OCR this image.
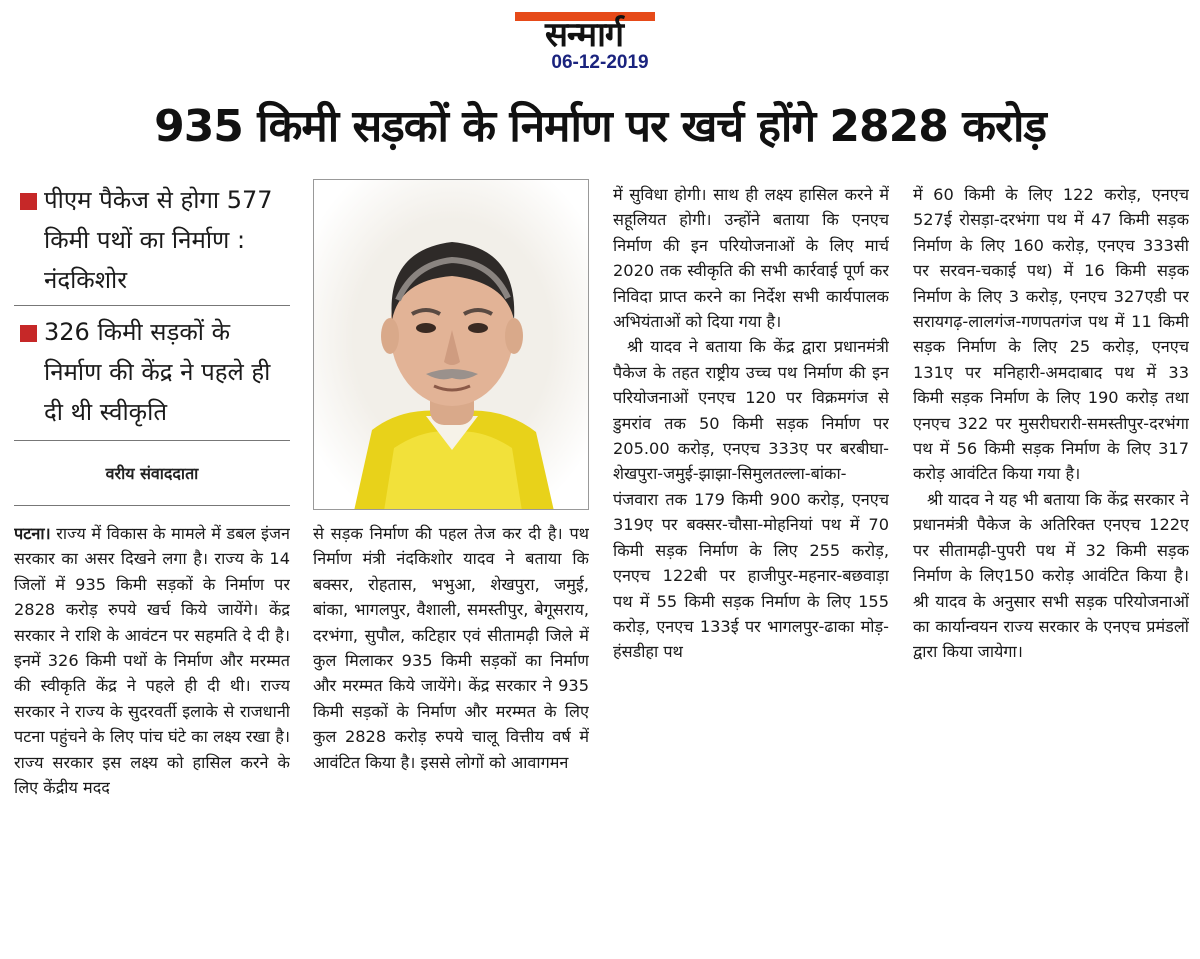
सन्मार्ग
06-12-2019
935 किमी सड़कों के निर्माण पर खर्च होंगे 2828 करोड़
पीएम पैकेज से होगा 577 किमी पथों का निर्माण : नंदकिशोर
326 किमी सड़कों के निर्माण की केंद्र ने पहले ही दी थी स्वीकृति
वरीय संवाददाता

पटना। राज्य में विकास के मामले में डबल इंजन सरकार का असर दिखने लगा है। राज्य के 14 जिलों में 935 किमी सड़कों के निर्माण पर 2828 करोड़ रुपये खर्च किये जायेंगे। केंद्र सरकार ने राशि के आवंटन पर सहमति दे दी है। इनमें 326 किमी पथों के निर्माण और मरम्मत की स्वीकृति केंद्र ने पहले ही दी थी। राज्य सरकार ने राज्य के सुदरवर्ती इलाके से राजधानी पटना पहुंचने के लिए पांच घंटे का लक्ष्य रखा है। राज्य सरकार इस लक्ष्य को हासिल करने के लिए केंद्रीय मदद

से सड़क निर्माण की पहल तेज कर दी है। पथ निर्माण मंत्री नंदकिशोर यादव ने बताया कि बक्सर, रोहतास, भभुआ, शेखपुरा, जमुई, बांका, भागलपुर, वैशाली, समस्तीपुर, बेगूसराय, दरभंगा, सुपौल, कटिहार एवं सीतामढ़ी जिले में कुल मिलाकर 935 किमी सड़कों का निर्माण और मरम्मत किये जायेंगे। केंद्र सरकार ने 935 किमी सड़कों के निर्माण और मरम्मत के लिए कुल 2828 करोड़ रुपये चालू वित्तीय वर्ष में आवंटित किया है। इससे लोगों को आवागमन

में सुविधा होगी। साथ ही लक्ष्य हासिल करने में सहूलियत होगी। उन्होंने बताया कि एनएच निर्माण की इन परियोजनाओं के लिए मार्च 2020 तक स्वीकृति की सभी कार्रवाई पूर्ण कर निविदा प्राप्त करने का निर्देश सभी कार्यपालक अभियंताओं को दिया गया है।

श्री यादव ने बताया कि केंद्र द्वारा प्रधानमंत्री पैकेज के तहत राष्ट्रीय उच्च पथ निर्माण की इन परियोजनाओं एनएच 120 पर विक्रमगंज से डुमरांव तक 50 किमी सड़क निर्माण पर 205.00 करोड़, एनएच 333ए पर बरबीघा-शेखपुरा-जमुई-झाझा-सिमुलतल्ला-बांका-पंजवारा तक 179 किमी 900 करोड़, एनएच 319ए पर बक्सर-चौसा-मोहनियां पथ में 70 किमी सड़क निर्माण के लिए 255 करोड़, एनएच 122बी पर हाजीपुर-महनार-बछवाड़ा पथ में 55 किमी सड़क निर्माण के लिए 155 करोड़, एनएच 133ई पर भागलपुर-ढाका मोड़-हंसडीहा पथ

में 60 किमी के लिए 122 करोड़, एनएच 527ई रोसड़ा-दरभंगा पथ में 47 किमी सड़क निर्माण के लिए 160 करोड़, एनएच 333सी पर सरवन-चकाई पथ) में 16 किमी सड़क निर्माण के लिए 3 करोड़, एनएच 327एडी पर सरायगढ़-लालगंज-गणपतगंज पथ में 11 किमी सड़क निर्माण के लिए 25 करोड़, एनएच 131ए पर मनिहारी-अमदाबाद पथ में 33 किमी सड़क निर्माण के लिए 190 करोड़ तथा एनएच 322 पर मुसरीघरारी-समस्तीपुर-दरभंगा पथ में 56 किमी सड़क निर्माण के लिए 317 करोड़ आवंटित किया गया है।

श्री यादव ने यह भी बताया कि केंद्र सरकार ने प्रधानमंत्री पैकेज के अतिरिक्त एनएच 122ए पर सीतामढ़ी-पुपरी पथ में 32 किमी सड़क निर्माण के लिए150 करोड़ आवंटित किया है।श्री यादव के अनुसार सभी सड़क परियोजनाओं का कार्यान्वयन राज्य सरकार के एनएच प्रमंडलों द्वारा किया जायेगा।
